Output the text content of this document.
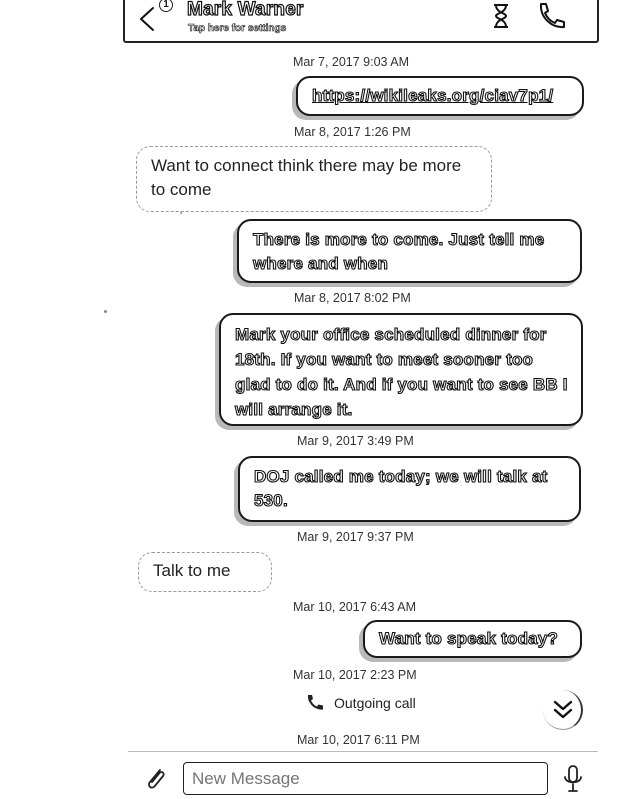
1 Mark Warner
Tap here for settings
Mar 7, 2017 9:03 AM
https://wikileaks.org/ciav7p1/
Mar 8, 2017 1:26 PM
Want to connect think there may be more to come
There is more to come. Just tell me where and when
Mar 8, 2017 8:02 PM
Mark your office scheduled dinner for 18th. If you want to meet sooner too glad to do it. And if you want to see BB I will arrange it.
Mar 9, 2017 3:49 PM
DOJ called me today; we will talk at 530.
Mar 9, 2017 9:37 PM
Talk to me
Mar 10, 2017 6:43 AM
Want to speak today?
Mar 10, 2017 2:23 PM
Outgoing call
Mar 10, 2017 6:11 PM
New Message
